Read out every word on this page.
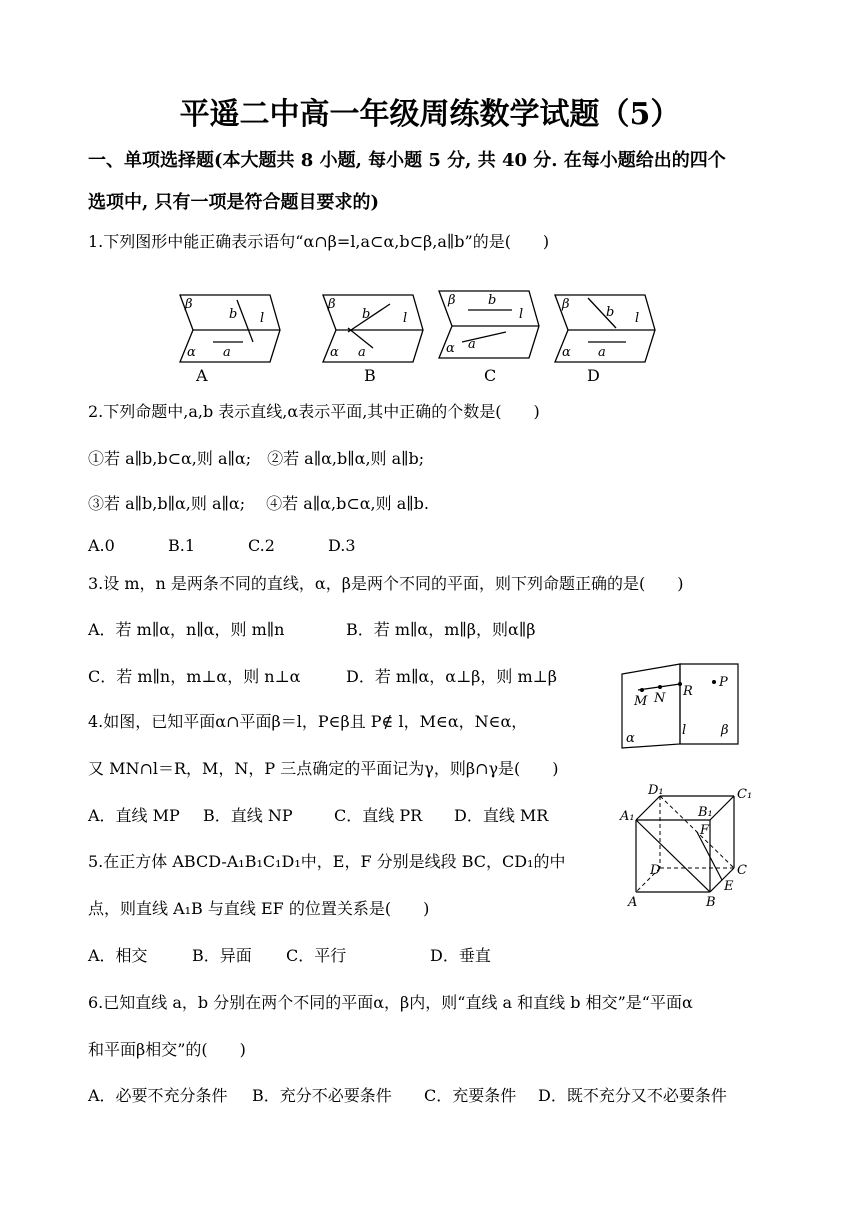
平遥二中高一年级周练数学试题（5）
一、单项选择题(本大题共 8 小题, 每小题 5 分, 共 40 分. 在每小题给出的四个
选项中, 只有一项是符合题目要求的)
1.下列图形中能正确表示语句“α∩β=l,a⊂α,b⊂β,a∥b”的是(　　)
β
b l
α a
β
b	l
α a
β b
l
α a
β
b l
α a
A	B	C	D
2.下列命题中,a,b 表示直线,α表示平面,其中正确的个数是(　　)
①若 a∥b,b⊂α,则 a∥α;　②若 a∥α,b∥α,则 a∥b;
③若 a∥b,b∥α,则 a∥α;　 ④若 a∥α,b⊂α,则 a∥b.
A.0	B.1	C.2	D.3
3.设 m，n 是两条不同的直线，α，β是两个不同的平面，则下列命题正确的是(　　)
A．若 m∥α，n∥α，则 m∥n	B．若 m∥α，m∥β，则α∥β
C．若 m∥n，m⊥α，则 n⊥α	D．若 m∥α，α⊥β，则 m⊥β
M N R
P
α
l	β
4.如图，已知平面α∩平面β＝l，P∈β且 P∉ l，M∈α，N∈α，
又 MN∩l＝R，M，N，P 三点确定的平面记为γ，则β∩γ是(　　)
A．直线 MP B．直线 NP	C．直线 PR D．直线 MR
D₁	C₁
A₁	B₁
F
D	C
E
A	B
5.在正方体 ABCD-A₁B₁C₁D₁中，E，F 分别是线段 BC，CD₁的中
点，则直线 A₁B 与直线 EF 的位置关系是(　　)
A．相交	B．异面 C．平行	D．垂直
6.已知直线 a，b 分别在两个不同的平面α，β内，则“直线 a 和直线 b 相交”是“平面α
和平面β相交”的(　　)
A．必要不充分条件 B．充分不必要条件 C．充要条件 D．既不充分又不必要条件
